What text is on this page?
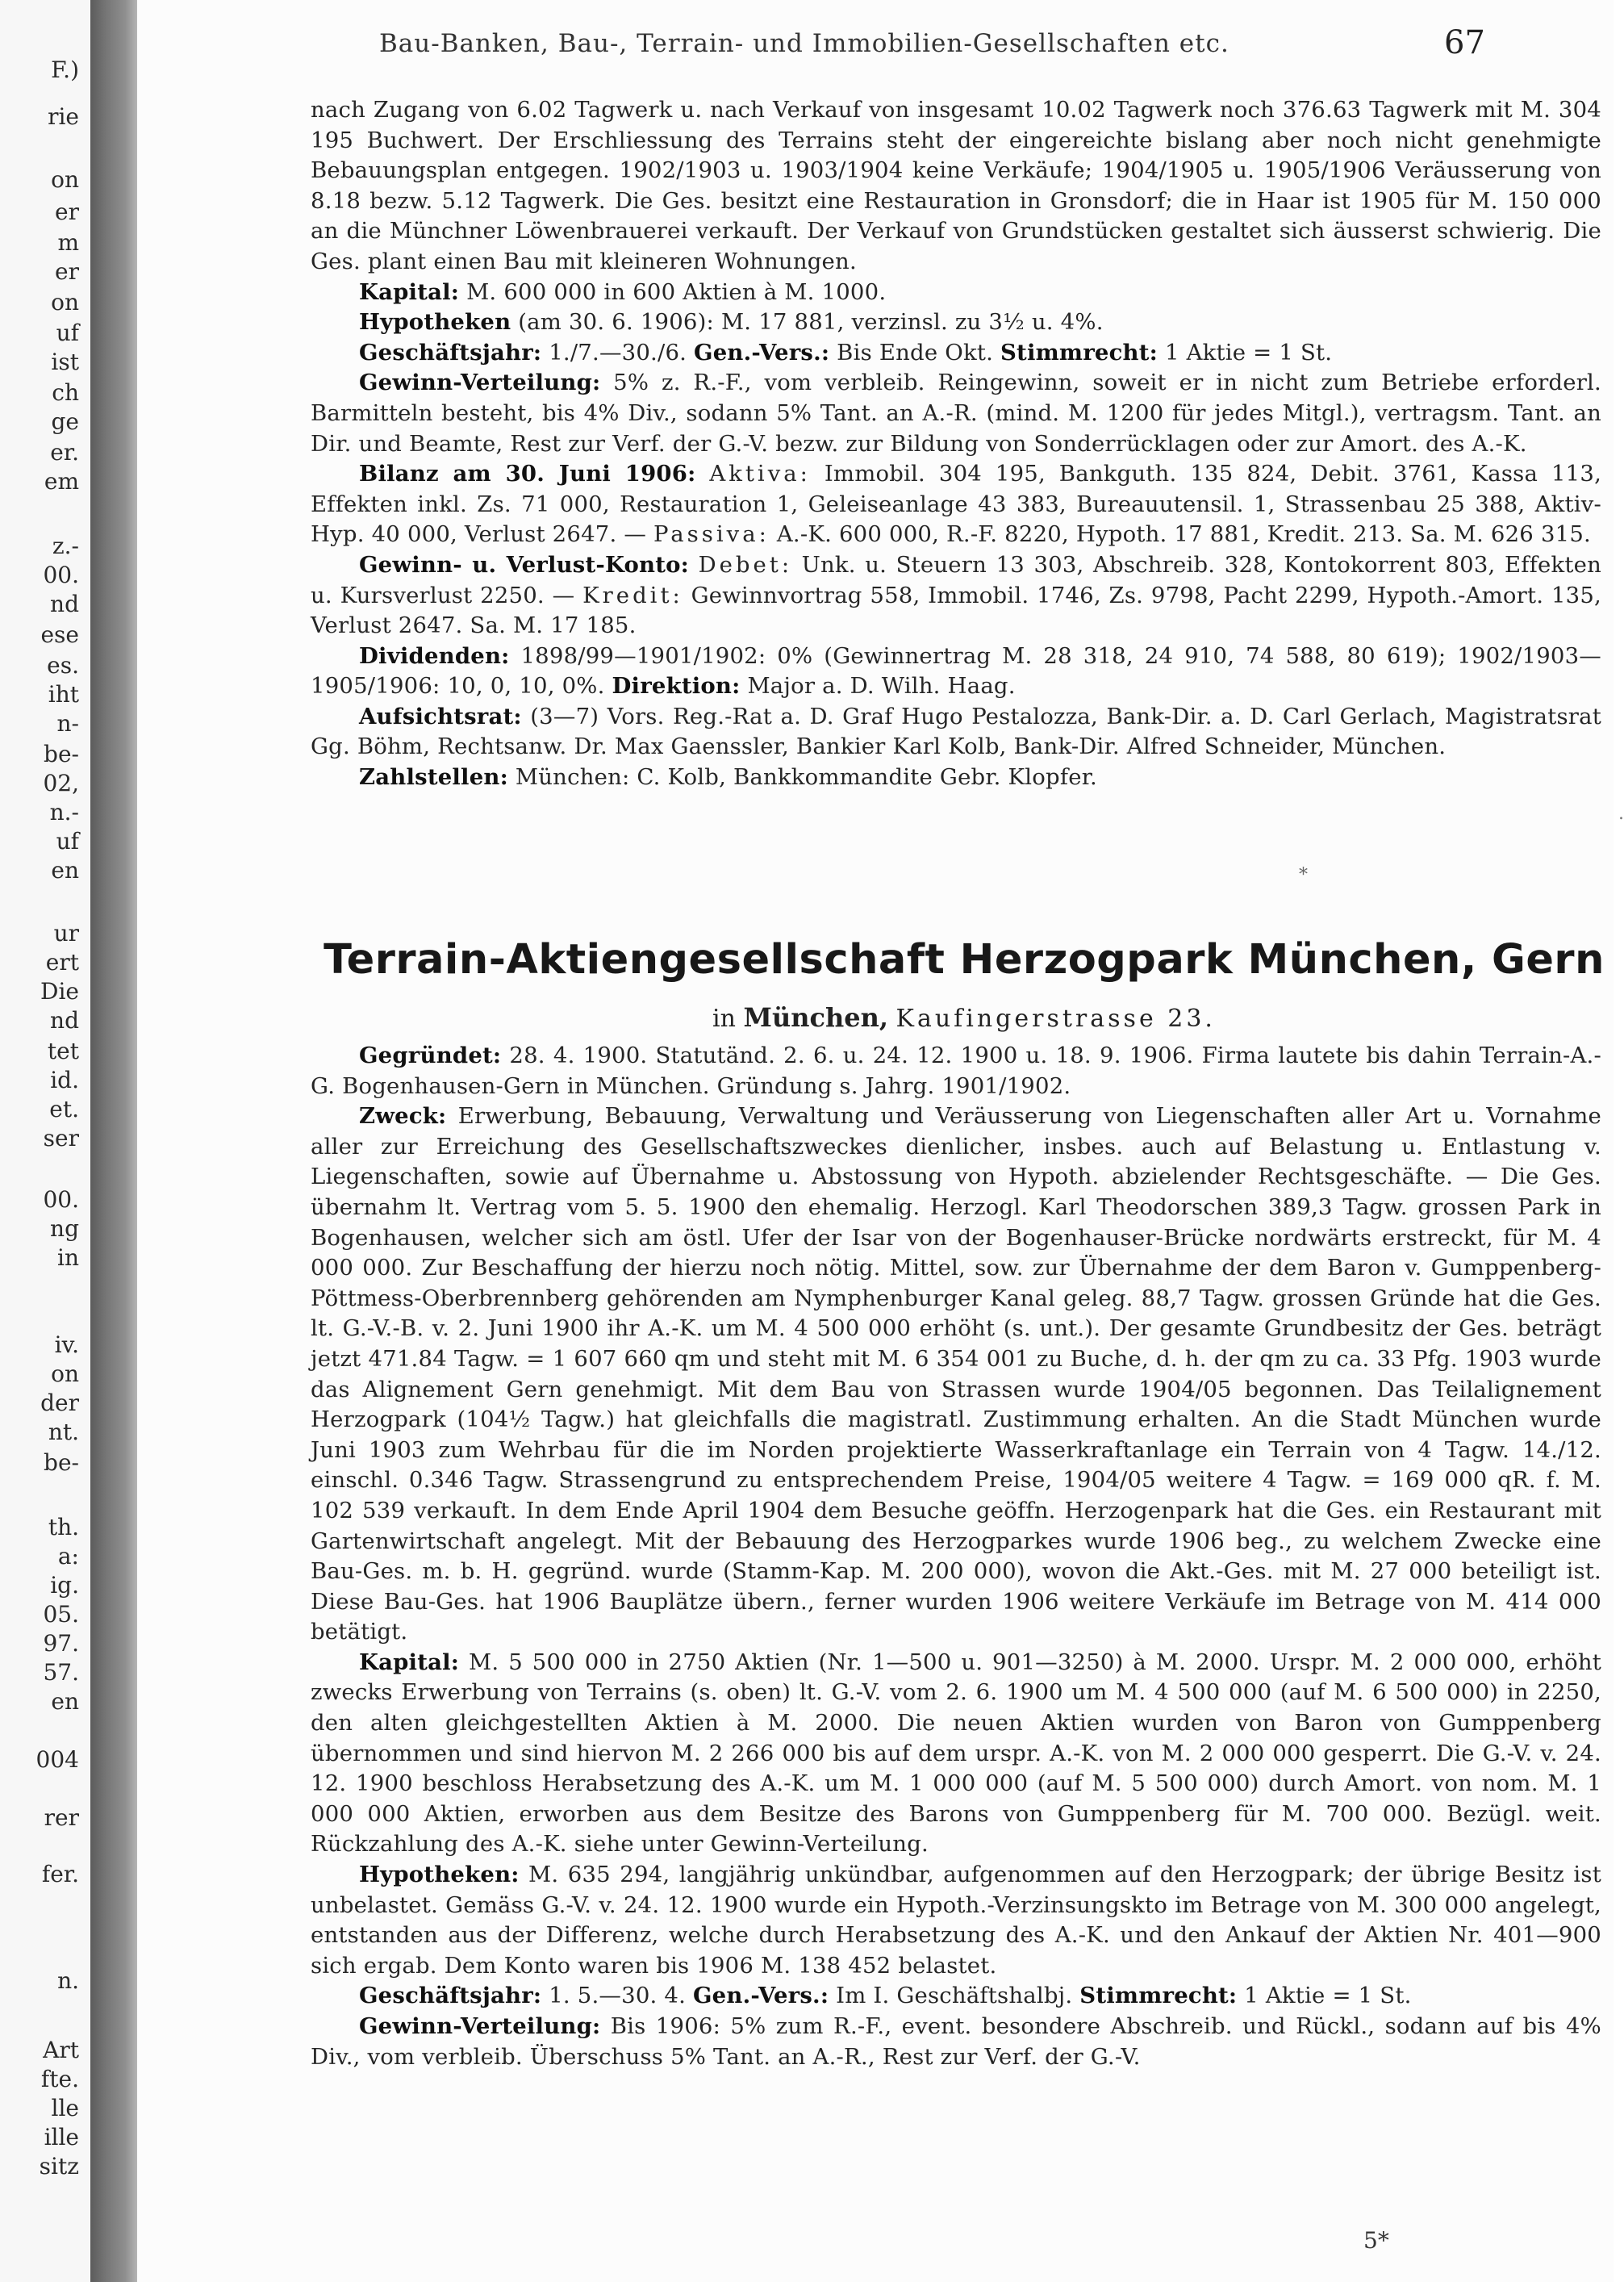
F.)
rie
on
er
m
er
on
uf
ist
ch
ge
er.
em
z.-
00.
nd
ese
es.
iht
n-
be-
02,
n.-
uf
en
ur
ert
Die
nd
tet
id.
et.
ser
00.
ng
in
iv.
on
der
nt.
be-
th.
a:
ig.
05.
97.
57.
en
004
rer
fer.
n.
Art
fte.
lle
ille
sitz
Bau-Banken, Bau-, Terrain- und Immobilien-Gesellschaften etc.	67

nach Zugang von 6.02 Tagwerk u. nach Verkauf von insgesamt 10.02 Tagwerk noch 376.63 Tagwerk mit M. 304 195 Buchwert. Der Erschliessung des Terrains steht der eingereichte bislang aber noch nicht genehmigte Bebauungsplan entgegen. 1902/1903 u. 1903/1904 keine Verkäufe; 1904/1905 u. 1905/1906 Veräusserung von 8.18 bezw. 5.12 Tagwerk. Die Ges. besitzt eine Restauration in Gronsdorf; die in Haar ist 1905 für M. 150 000 an die Münchner Löwenbrauerei verkauft. Der Verkauf von Grundstücken gestaltet sich äusserst schwierig. Die Ges. plant einen Bau mit kleineren Wohnungen.

Kapital: M. 600 000 in 600 Aktien à M. 1000.

Hypotheken (am 30. 6. 1906): M. 17 881, verzinsl. zu 3½ u. 4%.

Geschäftsjahr: 1./7.—30./6. Gen.-Vers.: Bis Ende Okt. Stimmrecht: 1 Aktie = 1 St.

Gewinn-Verteilung: 5% z. R.-F., vom verbleib. Reingewinn, soweit er in nicht zum Betriebe erforderl. Barmitteln besteht, bis 4% Div., sodann 5% Tant. an A.-R. (mind. M. 1200 für jedes Mitgl.), vertragsm. Tant. an Dir. und Beamte, Rest zur Verf. der G.-V. bezw. zur Bildung von Sonderrücklagen oder zur Amort. des A.-K.

Bilanz am 30. Juni 1906: Aktiva: Immobil. 304 195, Bankguth. 135 824, Debit. 3761, Kassa 113, Effekten inkl. Zs. 71 000, Restauration 1, Geleiseanlage 43 383, Bureauutensil. 1, Strassenbau 25 388, Aktiv-Hyp. 40 000, Verlust 2647. — Passiva: A.-K. 600 000, R.-F. 8220, Hypoth. 17 881, Kredit. 213. Sa. M. 626 315.

Gewinn- u. Verlust-Konto: Debet: Unk. u. Steuern 13 303, Abschreib. 328, Kontokorrent 803, Effekten u. Kursverlust 2250. — Kredit: Gewinnvortrag 558, Immobil. 1746, Zs. 9798, Pacht 2299, Hypoth.-Amort. 135, Verlust 2647. Sa. M. 17 185.

Dividenden: 1898/99—1901/1902: 0% (Gewinnertrag M. 28 318, 24 910, 74 588, 80 619); 1902/1903—1905/1906: 10, 0, 10, 0%. Direktion: Major a. D. Wilh. Haag.

Aufsichtsrat: (3—7) Vors. Reg.-Rat a. D. Graf Hugo Pestalozza, Bank-Dir. a. D. Carl Gerlach, Magistratsrat Gg. Böhm, Rechtsanw. Dr. Max Gaenssler, Bankier Karl Kolb, Bank-Dir. Alfred Schneider, München.

Zahlstellen: München: C. Kolb, Bankkommandite Gebr. Klopfer.

*
.
Terrain-Aktiengesellschaft Herzogpark München, Gern
in München, Kaufingerstrasse 23.

Gegründet: 28. 4. 1900. Statutänd. 2. 6. u. 24. 12. 1900 u. 18. 9. 1906. Firma lautete bis dahin Terrain-A.-G. Bogenhausen-Gern in München. Gründung s. Jahrg. 1901/1902.

Zweck: Erwerbung, Bebauung, Verwaltung und Veräusserung von Liegenschaften aller Art u. Vornahme aller zur Erreichung des Gesellschaftszweckes dienlicher, insbes. auch auf Belastung u. Entlastung v. Liegenschaften, sowie auf Übernahme u. Abstossung von Hypoth. abzielender Rechtsgeschäfte. — Die Ges. übernahm lt. Vertrag vom 5. 5. 1900 den ehemalig. Herzogl. Karl Theodorschen 389,3 Tagw. grossen Park in Bogenhausen, welcher sich am östl. Ufer der Isar von der Bogenhauser-Brücke nordwärts erstreckt, für M. 4 000 000. Zur Beschaffung der hierzu noch nötig. Mittel, sow. zur Übernahme der dem Baron v. Gumppenberg-Pöttmess-Oberbrennberg gehörenden am Nymphenburger Kanal geleg. 88,7 Tagw. grossen Gründe hat die Ges. lt. G.-V.-B. v. 2. Juni 1900 ihr A.-K. um M. 4 500 000 erhöht (s. unt.). Der gesamte Grundbesitz der Ges. beträgt jetzt 471.84 Tagw. = 1 607 660 qm und steht mit M. 6 354 001 zu Buche, d. h. der qm zu ca. 33 Pfg. 1903 wurde das Alignement Gern genehmigt. Mit dem Bau von Strassen wurde 1904/05 begonnen. Das Teilalignement Herzogpark (104½ Tagw.) hat gleichfalls die magistratl. Zustimmung erhalten. An die Stadt München wurde Juni 1903 zum Wehrbau für die im Norden projektierte Wasserkraftanlage ein Terrain von 4 Tagw. 14./12. einschl. 0.346 Tagw. Strassengrund zu entsprechendem Preise, 1904/05 weitere 4 Tagw. = 169 000 qR. f. M. 102 539 verkauft. In dem Ende April 1904 dem Besuche geöffn. Herzogenpark hat die Ges. ein Restaurant mit Gartenwirtschaft angelegt. Mit der Bebauung des Herzogparkes wurde 1906 beg., zu welchem Zwecke eine Bau-Ges. m. b. H. gegründ. wurde (Stamm-Kap. M. 200 000), wovon die Akt.-Ges. mit M. 27 000 beteiligt ist. Diese Bau-Ges. hat 1906 Bauplätze übern., ferner wurden 1906 weitere Verkäufe im Betrage von M. 414 000 betätigt.

Kapital: M. 5 500 000 in 2750 Aktien (Nr. 1—500 u. 901—3250) à M. 2000. Urspr. M. 2 000 000, erhöht zwecks Erwerbung von Terrains (s. oben) lt. G.-V. vom 2. 6. 1900 um M. 4 500 000 (auf M. 6 500 000) in 2250, den alten gleichgestellten Aktien à M. 2000. Die neuen Aktien wurden von Baron von Gumppenberg übernommen und sind hiervon M. 2 266 000 bis auf dem urspr. A.-K. von M. 2 000 000 gesperrt. Die G.-V. v. 24. 12. 1900 beschloss Herabsetzung des A.-K. um M. 1 000 000 (auf M. 5 500 000) durch Amort. von nom. M. 1 000 000 Aktien, erworben aus dem Besitze des Barons von Gumppenberg für M. 700 000. Bezügl. weit. Rückzahlung des A.-K. siehe unter Gewinn-Verteilung.

Hypotheken: M. 635 294, langjährig unkündbar, aufgenommen auf den Herzogpark; der übrige Besitz ist unbelastet. Gemäss G.-V. v. 24. 12. 1900 wurde ein Hypoth.-Verzinsungskto im Betrage von M. 300 000 angelegt, entstanden aus der Differenz, welche durch Herabsetzung des A.-K. und den Ankauf der Aktien Nr. 401—900 sich ergab. Dem Konto waren bis 1906 M. 138 452 belastet.

Geschäftsjahr: 1. 5.—30. 4. Gen.-Vers.: Im I. Geschäftshalbj. Stimmrecht: 1 Aktie = 1 St.

Gewinn-Verteilung: Bis 1906: 5% zum R.-F., event. besondere Abschreib. und Rückl., sodann auf bis 4% Div., vom verbleib. Überschuss 5% Tant. an A.-R., Rest zur Verf. der G.-V.

5*
